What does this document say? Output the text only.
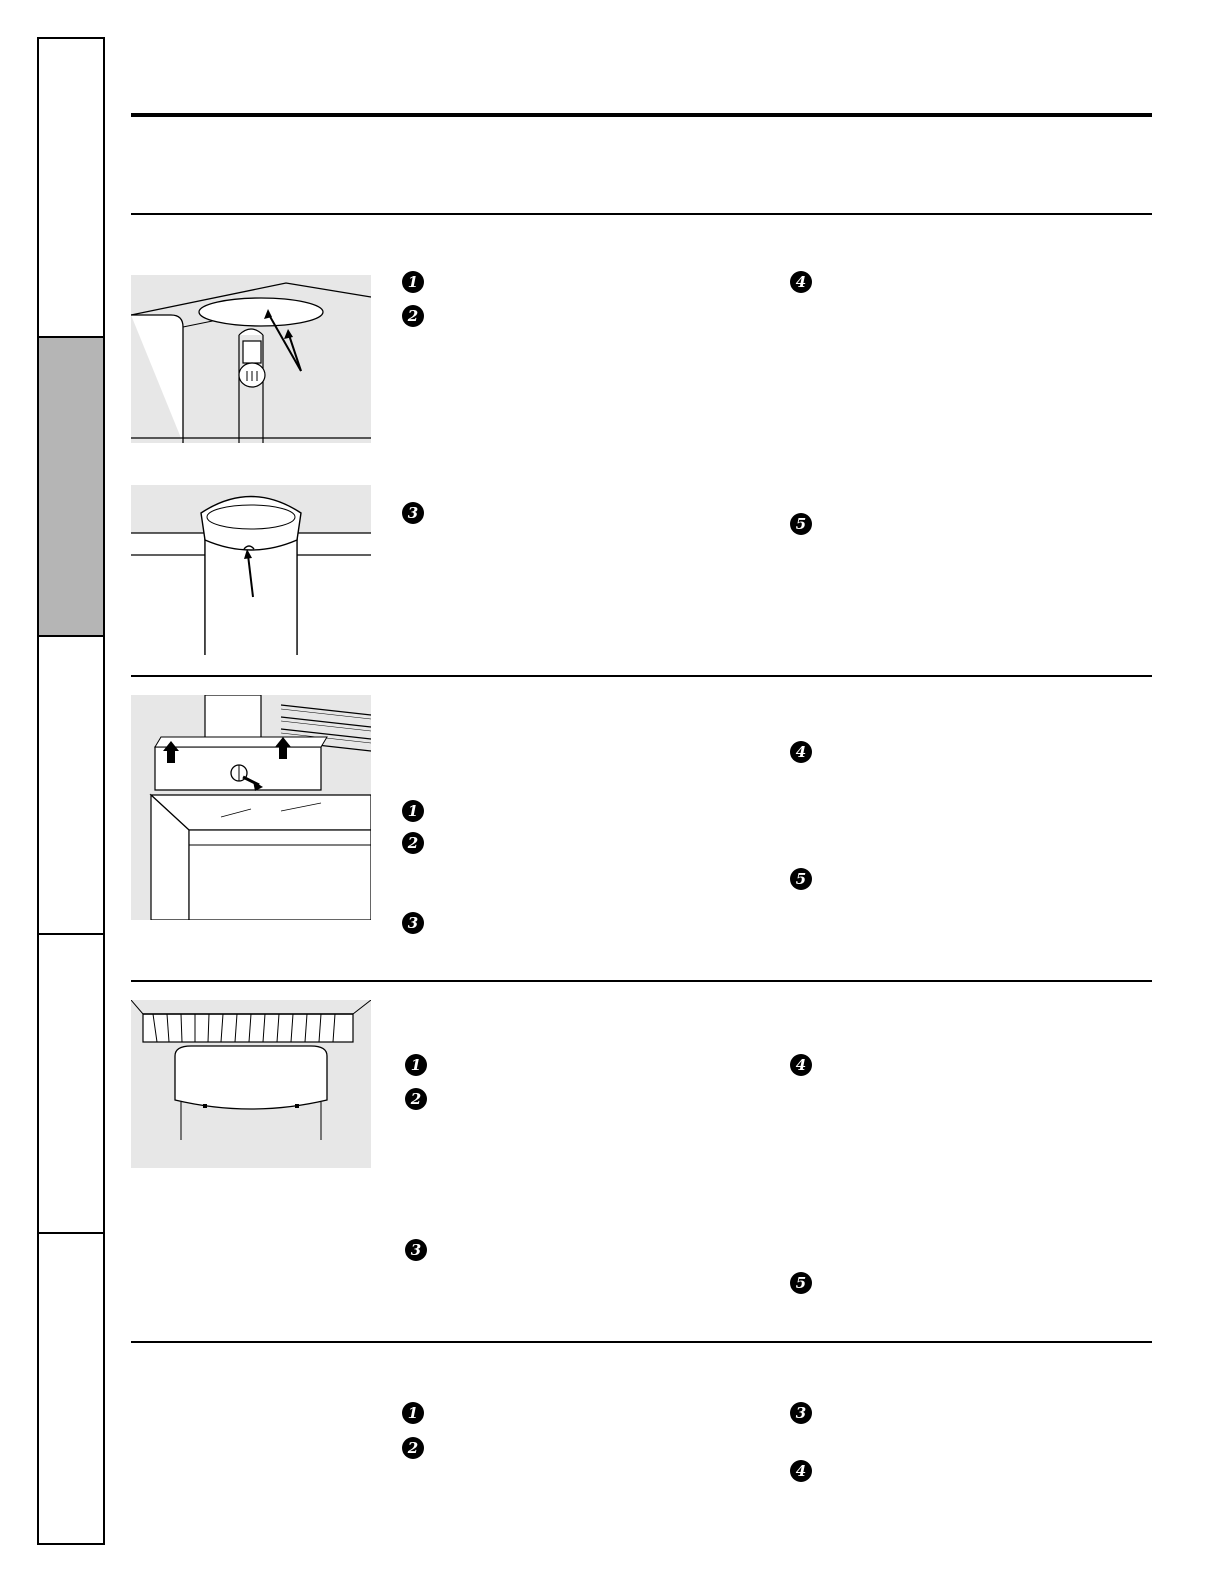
1
2
3
4
5
1
2
3
4
5
1
2
3
4
5
1
2
3
4
